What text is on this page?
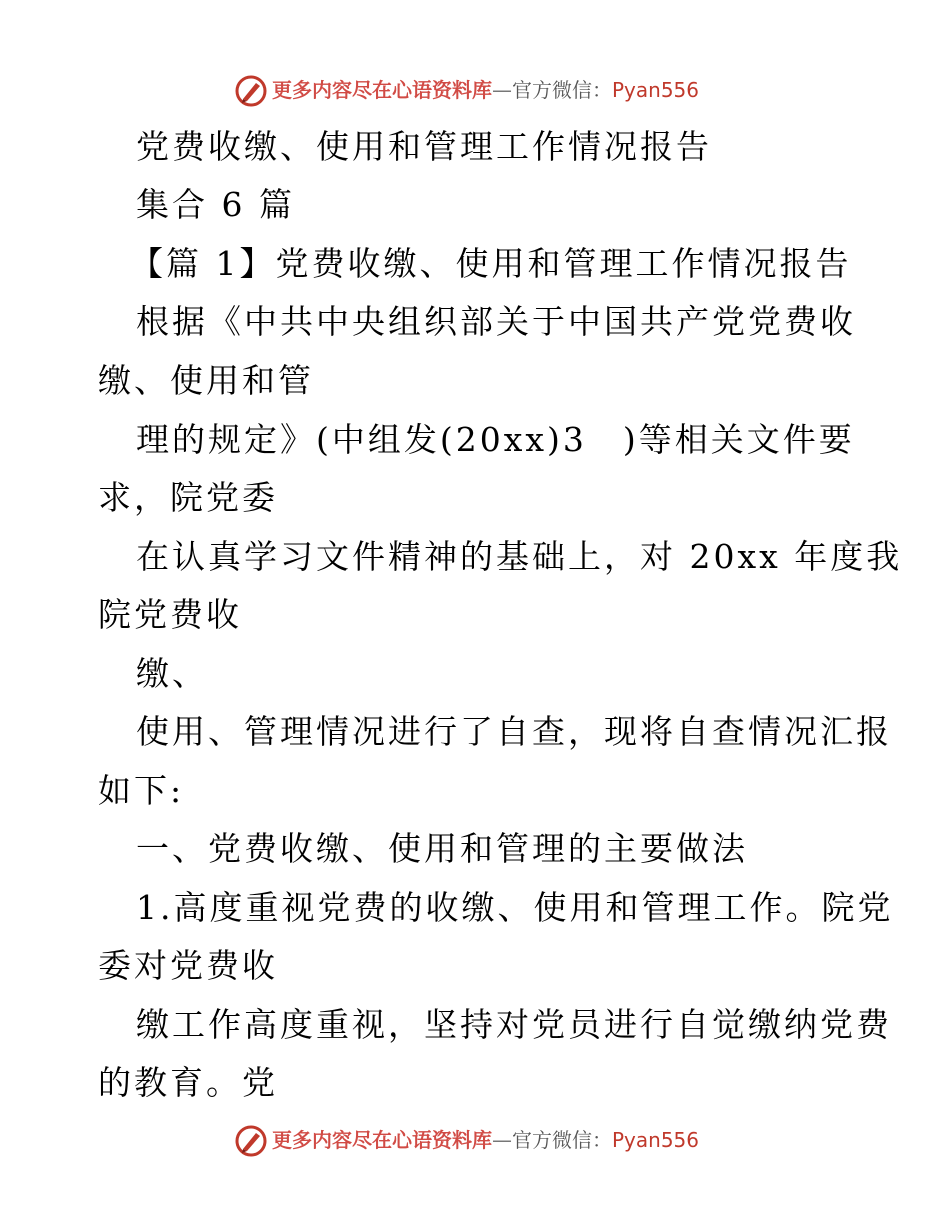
更多内容尽在心语资料库—官方微信：Pyan556
党费收缴、使用和管理工作情况报告
集合 6 篇
【篇 1】党费收缴、使用和管理工作情况报告
根据《中共中央组织部关于中国共产党党费收
缴、使用和管
理的规定》(中组发(20xx)3　)等相关文件要
求，院党委
在认真学习文件精神的基础上，对 20xx 年度我
院党费收
缴、
使用、管理情况进行了自查，现将自查情况汇报
如下:
一、党费收缴、使用和管理的主要做法
1.高度重视党费的收缴、使用和管理工作。院党
委对党费收
缴工作高度重视，坚持对党员进行自觉缴纳党费
的教育。党
更多内容尽在心语资料库—官方微信：Pyan556
